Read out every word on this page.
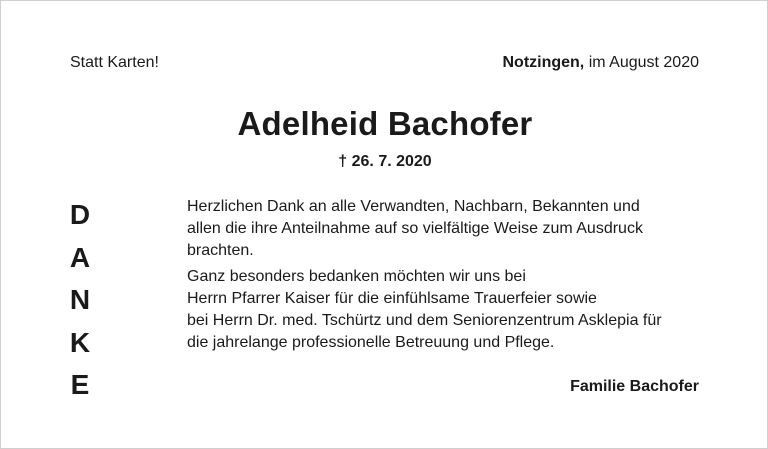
Statt Karten!	Notzingen, im August 2020
Adelheid Bachofer
† 26. 7. 2020
D
A
N
K
E
Herzlichen Dank an alle Verwandten, Nachbarn, Bekannten und
allen die ihre Anteilnahme auf so vielfältige Weise zum Ausdruck
brachten.
Ganz besonders bedanken möchten wir uns bei
Herrn Pfarrer Kaiser für die einfühlsame Trauerfeier sowie
bei Herrn Dr. med. Tschürtz und dem Seniorenzentrum Asklepia für
die jahrelange professionelle Betreuung und Pflege.
Familie Bachofer
